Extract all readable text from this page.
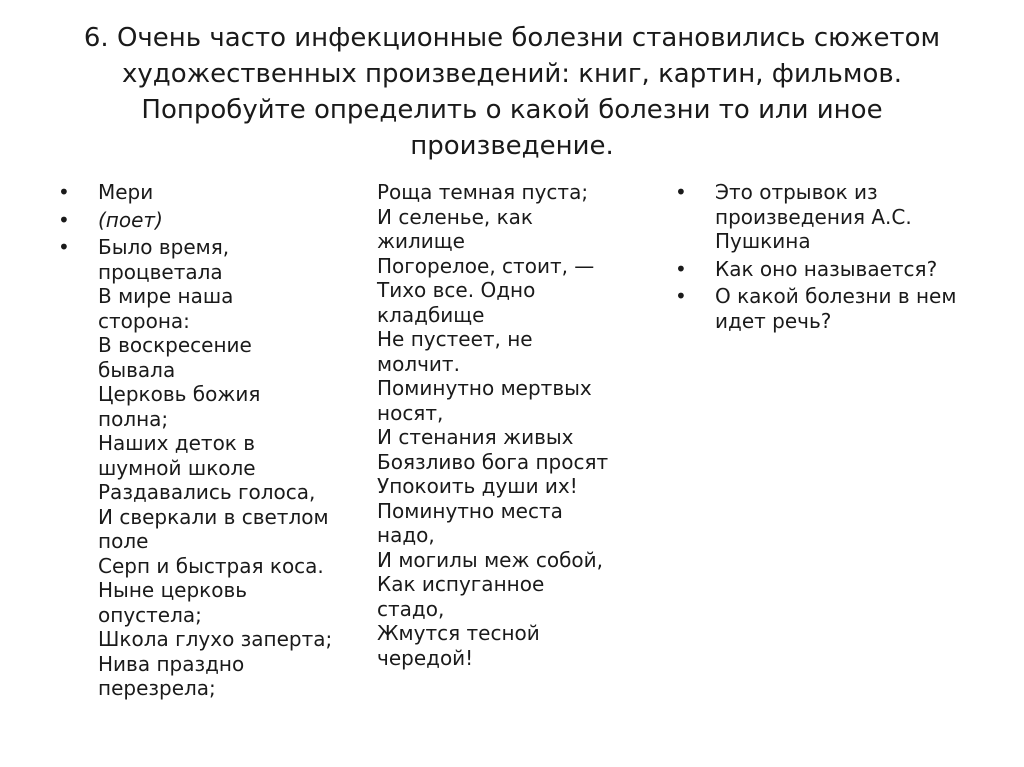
6. Очень часто инфекционные болезни становились сюжетом художественных произведений: книг, картин, фильмов. Попробуйте определить о какой болезни то или иное произведение.
•	Мери
•	(поет)
•	Было время,
процветала
В мире наша
сторона:
В воскресение
бывала
Церковь божия
полна;
Наших деток в
шумной школе
Раздавались голоса,
И сверкали в светлом
поле
Серп и быстрая коса.
Ныне церковь
опустела;
Школа глухо заперта;
Нива праздно
перезрела;
Роща темная пуста;
И селенье, как
жилище
Погорелое, стоит, —
Тихо все. Одно
кладбище
Не пустеет, не
молчит.
Поминутно мертвых
носят,
И стенания живых
Боязливо бога просят
Упокоить души их!
Поминутно места
надо,
И могилы меж собой,
Как испуганное
стадо,
Жмутся тесной
чередой!
•	Это отрывок из произведения А.С. Пушкина
•	Как оно называется?
•	О какой болезни в нем идет речь?
